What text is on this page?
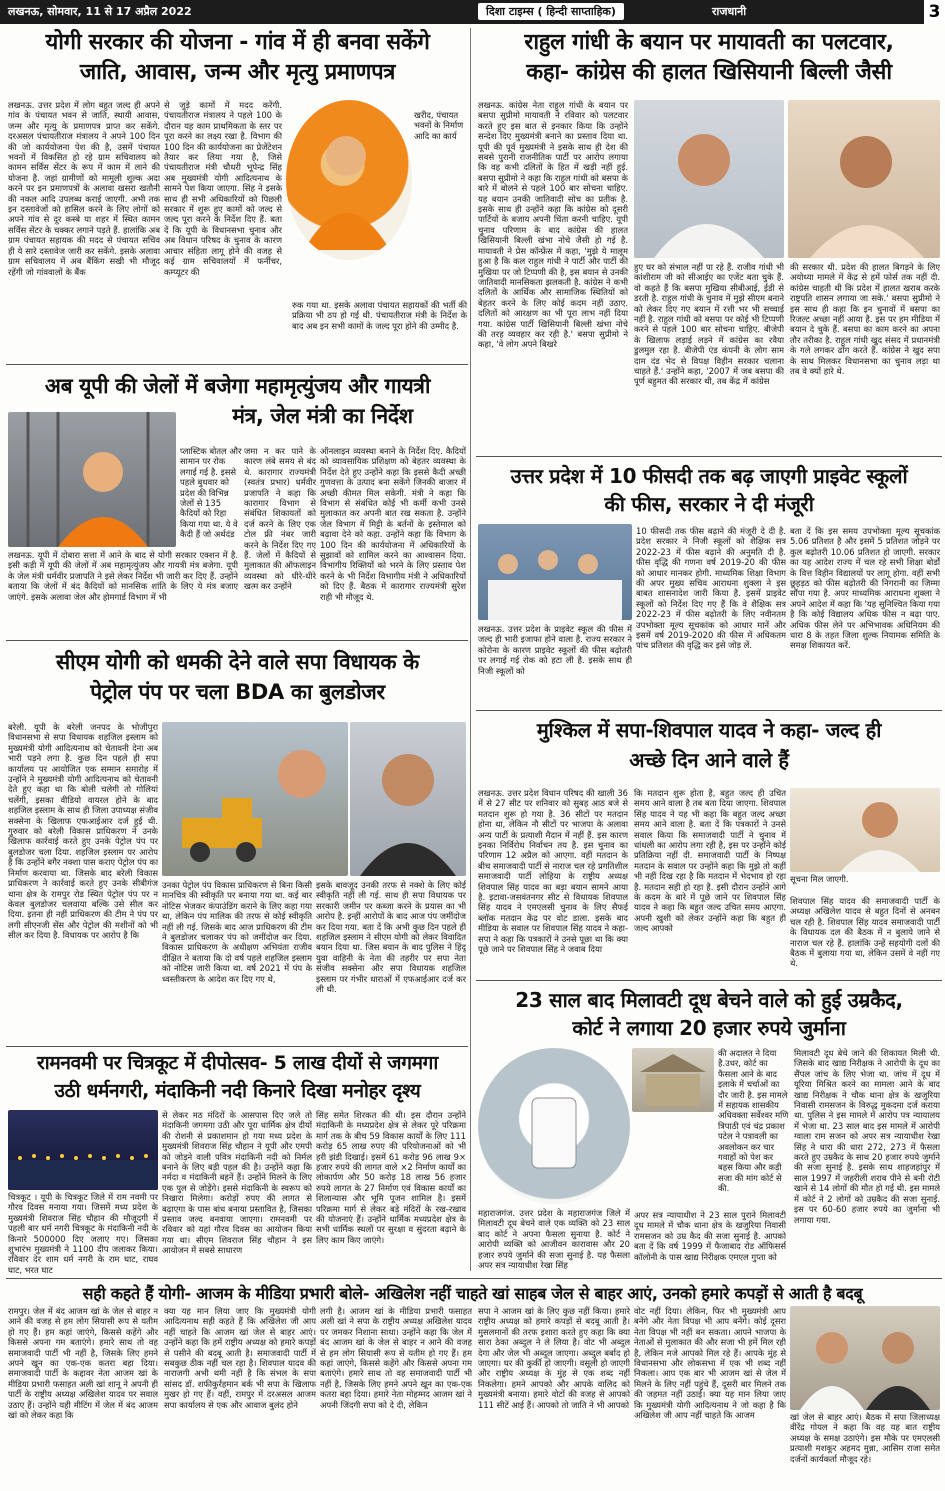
लखनऊ, सोमवार, 11 से 17 अप्रैल 2022	दिशा टाइम्स ( हिन्दी साप्ताहिक)	राजधानी	3
योगी सरकार की योजना - गांव में ही बनवा सकेंगे
जाति, आवास, जन्म और मृत्यु प्रमाणपत्र
लखनऊ. उत्तर प्रदेश में लोग बहुत जल्द ही अपने गांव के पंचायत भवन से जाति, स्थायी आवास, जन्म और मृत्यु के प्रमाणपत्र प्राप्त कर सकेंगे. दरअसल पंचायतीराज मंत्रालय ने अपने 100 दिन की जो कार्ययोजना पेश की है, उसमें पंचायत भवनों में विकसित हो रहे ग्राम सचिवालय को कामन सर्विस सेंटर के रूप में काम में लाने की योजना है. जहां ग्रामीणों को मामूली शुल्क अदा करने पर इन प्रमाणपत्रों के अलावा खसरा खतौनी की नकल आदि उपलब्ध कराई जाएगी. अभी तक इन दस्तावेजों को हासिल करने के लिए लोगों को अपने गांव से दूर कस्बे या शहर में स्थित कामन सर्विस सेंटर के चक्कर लगाने पड़ते हैं. हालांकि अब ग्राम पंचायत सहायक की मदद से पंचायत सचिव ही ये सारे दस्तावेज जारी कर सकेंगे. इसके अलावा ग्राम सचिवालय में अब बैंकिंग सखी भी मौजूद रहेंगी जो गांववालों के बैंक
से जुड़े कामों में मदद करेंगी. पंचायतीराज मंत्रालय ने पहले 100 के दौरान यह काम प्राथमिकता के स्तर पर पूरा करने का लक्ष्य रखा है. विभाग की 100 दिन की कार्ययोजना का प्रेजेंटेशन तैयार कर लिया गया है, जिसे पंचायतीराज मंत्री चौधरी भूपेन्द्र सिंह अब मुख्यमंत्री योगी आदित्यनाथ के सामने पेश किया जाएगा. सिंह ने इसके साथ ही सभी अधिकारियों को पिछली सरकार में शुरू हुए कामों को जल्द से जल्द पूरा करने के निर्देश दिए हैं. बता दें कि यूपी के विधानसभा चुनाव और अब विधान परिषद के चुनाव के कारण आचार संहिता लागू होने की वजह से कई ग्राम सचिवालयों में फर्नीचर, कम्प्यूटर की
खरीद, पंचायत भवनों के निर्माण आदि का कार्य
रुक गया था. इसके अलावा पंचायत सहायकों की भर्ती की प्रक्रिया भी ठप हो गई थी. पंचायतीराज मंत्री के निर्देश के बाद अब इन सभी कामों के जल्द पूरा होने की उम्मीद है.
राहुल गांधी के बयान पर मायावती का पलटवार,
कहा- कांग्रेस की हालत खिसियानी बिल्ली जैसी
लखनऊ. कांग्रेस नेता राहुल गांधी के बयान पर बसपा सुप्रीमो मायावती ने रविवार को पलटवार करते हुए इस बात से इनकार किया कि उन्होंने सन्देश दिए मुख्यमंत्री बनाने का प्रस्ताव दिया था. यूपी की पूर्व मुख्यमंत्री ने इसके साथ ही देश की सबसे पुरानी राजनीतिक पार्टी पर आरोप लगाया कि वह कभी दलितों के हित में खड़ी नहीं हुई. बसपा सुप्रीमो ने कहा कि राहुल गांधी को बसपा के बारे में बोलने से पहले 100 बार सोचना चाहिए. यह बयान उनकी जातिवादी सोच का प्रतीक है. इसके साथ ही उन्होंने कहा कि कांग्रेस को दूसरी पार्टियों के बजाय अपनी चिंता करनी चाहिए. यूपी चुनाव परिणाम के बाद कांग्रेस की हालत खिसियानी बिल्ली खंभा नोचे जैसी हो गई है. मायावती ने प्रेस कॉन्फ्रेंस में कहा, 'मुझे ये मालूम हुआ है कि कल राहुल गांधी ने पार्टी और पार्टी की मुखिया पर जो टिप्पणी की है, इस बयान से उनकी जातिवादी मानसिकता झलकती है. कांग्रेस ने कभी दलितों के आर्थिक और सामाजिक स्थितियों को बेहतर करने के लिए कोई कदम नहीं उठाए. दलितों को आरक्षण का भी पूरा लाभ नहीं दिया गया. कांग्रेस पार्टी खिसियानी बिल्ली खंभा नोचे की तरह व्यवहार कर रही है.' बसपा सुप्रीमो ने कहा, 'वे लोग अपने बिखरे
हुए घर को संभाल नहीं पा रहे हैं. राजीव गांधी भी कांशीराम जी को सीआईए का एजेंट बता चुके हैं. वो कहते हैं कि बसपा मुखिया सीबीआई, ईडी से डरती है. राहुल गांधी के चुनाव में मुझे सीएम बनाने को लेकर दिए गए बयान में रत्ती भर भी सच्चाई नहीं है. राहुल गांधी को बसपा पर कोई भी टिप्पणी करने से पहले 100 बार सोचना चाहिए. बीजेपी के खिलाफ लड़ाई लड़ने में कांग्रेस का रवैया डुलमुल रहा है. बीजेपी एंड कंपनी के लोग साम दाम दंड भेद से विपक्ष विहीन सरकार चलाना चाहते हैं.' उन्होंने कहा, '2007 में जब बसपा की पूर्ण बहुमत की सरकार थी, तब केंद्र में कांग्रेस
की सरकार थी. प्रदेश की हालत बिगड़ने के लिए अयोध्या मामले में केंद्र से हमें फोर्स तक नहीं दी. कांग्रेस चाहती थी कि प्रदेश में हालत खराब करके राष्ट्रपति शासन लगाया जा सके.' बसपा सुप्रीमो ने इस साथ ही कहा कि इन चुनावों में बसपा का रिजल्ट अच्छा नहीं आया है. इस पर हम मीडिया में बयान दे चुके हैं. बसपा का काम करने का अपना तौर तरीका है. राहुल गांधी खुद संसद में प्रधानमंत्री के गले लगकर ढोंग करते हैं. कांग्रेस ने खुद सपा के साथ मिलकर विधानसभा का चुनाव लड़ा था तब वे क्यों हारे थे.
अब यूपी की जेलों में बजेगा महामृत्युंजय और गायत्री
मंत्र, जेल मंत्री का निर्देश
प्लास्टिक बोतल और सामान पर रोक लगाई गई है. इससे पहले बुधवार को प्रदेश की विभिन्न जेलों से 135 कैदियों को रिहा किया गया था. ये वे कैदी हैं जो अर्थदंड
लखनऊ. यूपी में दोबारा सत्ता में आने के बाद से योगी सरकार एक्शन में है. इसी कड़ी में यूपी की जेलों में अब महामृत्युंजय और गायत्री मंत्र बजेगा. यूपी के जेल मंत्री धर्मवीर प्रजापति ने इसे लेकर निर्देश भी जारी कर दिए हैं. उन्होंने बताया कि जेलों में बंद कैदियों को मानसिक शांति के लिए ये मंत्र बजाए जाएंगे. इसके अलावा जेल और होमगार्ड विभाग में भी
जमा न कर पाने के कारण लंबे समय से बंद थे. कारागार राज्यमंत्री (स्वतंत्र प्रभार) धर्मवीर प्रजापति ने कहा कि कारागार विभाग से संबंधित शिकायतों को दर्ज करने के लिए एक टोल फ्री नंबर जारी करने के निर्देश दिए गए हैं. जेलों में कैदियों से मुलाकात की ऑफलाइन व्यवस्था को धीरे-धीरे खत्म कर उन्होंने
ऑनलाइन व्यवस्था बनाने के निर्देश दिए. कैदियों को व्यावसायिक प्रशिक्षण को बेहतर व्यवस्था के निर्देश देते हुए उन्होंने कहा कि इससे कैदी अच्छी गुणवत्ता के उत्पाद बना सकेंगे जिनकी बाजार में अच्छी कीमत मिल सकेगी. मंत्री ने कहा कि विभाग से संबंधित कोई भी कर्मी कभी उनसे मुलाकात कर अपनी बात रख सकता है. उन्होंने जेल विभाग में मिट्टी के बर्तनों के इस्तेमाल को बढ़ावा देने को कहा. उन्होंने कहा कि विभाग के 100 दिन की कार्ययोजना में अधिकारियों के सुझावों को शामिल करने का आश्वासन दिया. विभागीय रिक्तियों को भरने के लिए प्रस्ताव पेश करने के भी निर्देश विभागीय मंत्री ने अधिकारियों को दिए हैं. बैठक में कारागार राज्यमंत्री सुरेश राही भी मौजूद थे.
उत्तर प्रदेश में 10 फीसदी तक बढ़ जाएगी प्राइवेट स्कूलों
की फीस, सरकार ने दी मंजूरी
लखनऊ. उत्तर प्रदेश के प्राइवेट स्कूल की फीस में जल्द ही भारी इजाफा होने वाला है. राज्य सरकार ने कोरोना के कारण प्राइवेट स्कूलों की फीस बढ़ोतरी पर लगाई गई रोक को हटा ली है. इसके साथ ही निजी स्कूलों को
10 फीसदी तक फीस बढ़ाने की मंजूरी दे दी है. प्रदेश सरकार ने निजी स्कूलों को शैक्षिक सत्र 2022-23 में फीस बढ़ाने की अनुमति दी है. फीस वृद्धि की गणना वर्ष 2019-20 की फीस को आधार मानकर होगी. माध्यमिक शिक्षा विभाग की अपर मुख्य सचिव आराधना शुक्ला ने इस बाबत शासनादेश जारी किया है. इसमें प्राइवेट स्कूलों को निर्देश दिए गए हैं कि वे शैक्षिक सत्र 2022-23 में फीस बढ़ोतरी के लिए नवीनतम उपभोक्ता मूल्य सूचकांक को आधार मानें और इसमें वर्ष 2019-2020 की फीस में अधिकतम पांच प्रतिशत की वृद्धि कर इसे जोड़ लें.
बता दें कि इस समय उपभोक्ता मूल्य सूचकांक 5.06 प्रतिशत है और इसमें 5 प्रतिशत जोड़ने पर कुल बढ़ोतरी 10.06 प्रतिशत हो जाएगी. सरकार का यह आदेश राज्य में चल रहे सभी शिक्षा बोर्डों के वित्त विहीन विद्यालयों पर लागू होगा. वहीं सभी छूहड़ठ को फीस बढ़ोतरी की निगरानी का जिम्मा सौंपा गया है. अपर माध्यमिक आराधना शुक्ला ने अपने आदेश में कहा कि 'यह सुनिश्चित किया गया है कि कोई विद्यालय अधिक फीस न बढ़ा पाए. अधिक फीस लेने पर अभिभावक अधिनियम की धारा 8 के तहत जिला शुल्क नियामक समिति के समक्ष शिकायत करें.
सीएम योगी को धमकी देने वाले सपा विधायक के
पेट्रोल पंप पर चला BDA का बुलडोजर
बरेली. यूपी के बरेली जनपद के भोजीपुरा विधानसभा से सपा विधायक शहजिल इस्लाम को मुख्यमंत्री योगी आदित्यनाथ को चेतावनी देना अब भारी पड़ने लगा है. कुछ दिन पहले ही सपा कार्यालय पर आयोजित एक सम्मान समारोह में उन्होंने ने मुख्यमंत्री योगी आदित्यनाथ को चेतावनी देते हुए कहा था कि बोली चलेगी तो गोलियां चलेंगी, इसका वीडियो वायरल होने के बाद शहजिल इस्लाम के साथ ही जिला उपाध्यक्ष संजीव सक्सेना के खिलाफ एफआईआर दर्ज हुई थी. गुरुवार को बरेली विकास प्राधिकरण ने उनके खिलाफ कार्रवाई करते हुए उनके पेट्रोल पंप पर बुलडोजर चला दिया. शहजिल इस्लाम पर आरोप है कि उन्होंने बगैर नक्शा पास कराए पेट्रोल पंप का निर्माण करवाया था. जिसके बाद बरेली विकास प्राधिकरण ने कार्रवाई करते हुए उनके सीबीगंज थाना क्षेत्र के रामपुर रोड स्थित पेट्रोल पंप पर न केवल बुलडोजर चलवाया बल्कि उसे सील कर दिया. इतना ही नहीं प्राधिकरण की टीम ने पंप पर लगी सीएनजी सेंस और पेट्रोल की मशीनों को भी सील कर दिया है. विधायक पर आरोप है कि
उनका पेट्रोल पंप विकास प्राधिकरण से बिना किसी मानचित्र की स्वीकृति पर बनाया गया था. कई बार नोटिस भेजकर कंपाउंडिंग कराने के लिए कहा गया था, लेकिन पंप मालिक की तरफ से कोई स्वीकृति नहीं ली गई. जिसके बाद आज प्राधिकरण की टीम ने बुलडोजर चलाकर पंप को जमींदोज कर दिया. विकास प्राधिकरण के अधीक्षण अभियंता राजीव दीक्षित ने बताया कि दो वर्ष पहले शहजिल इस्लाम को नोटिस जारी किया था. वर्ष 2021 में पंप के ध्वस्तीकरण के आदेश कर दिए गए थे,
इसके बावजूद उनकी तरफ से नक्शे के लिए कोई स्वीकृति नहीं ली गई. साथ ही सपा विधायक पर सरकारी जमीन पर कब्जा करने के प्रयास का भी आरोप है. इन्हीं आरोपों के बाद आज पंप जमींदोज कर दिया गया. बता दें कि अभी कुछ दिन पहले ही शहजिल इस्लाम ने सीएम योगी को लेकर विवादित बयान दिया था. जिस बयान के बाद पुलिस ने हिंदू युवा वाहिनी के नेता की तहरीर पर सपा नेता संजीव सक्सेना और सपा विधायक शहजिल इस्लाम पर गंभीर धाराओं में एफआईआर दर्ज कर ली थी.
मुश्किल में सपा-शिवपाल यादव ने कहा- जल्द ही
अच्छे दिन आने वाले हैं
लखनऊ. उत्तर प्रदेश विधान परिषद की खाली 36 में से 27 सीट पर शनिवार को सुबह आठ बजे से मतदान शुरू हो गया है. 36 सीटों पर मतदान होना था, लेकिन नौ सीटों पर भाजपा के अलावा अन्य पार्टी के प्रत्याशी मैदान में नहीं हैं. इस कारण इनका निर्विरोध निर्वाचन तय है. इस चुनाव का परिणाम 12 अप्रैल को आएगा. वहीं मतदान के बीच समाजवादी पार्टी से नाराज चल रहे प्रगतिशील समाजवादी पार्टी लोहिया के राष्ट्रीय अध्यक्ष शिवपाल सिंह यादव का बड़ा बयान सामने आया है. इटावा-जसवंतनगर सीट से विधायक शिवपाल सिंह यादव ने एमएलसी चुनाव के लिए सैफई ब्लॉक मतदान केंद्र पर वोट डाला. इसके बाद मीडिया के सवाल पर शिवपाल सिंह यादव ने कहा- सपा ने कहा कि पत्रकारों ने उनसे पूछा था कि क्या पूछे जाने पर शिवपाल सिंह ने जवाब दिया
कि मतदान शुरू होता है, बहुत जल्द ही उचित समय आने वाला है तब बता दिया जाएगा. शिवपाल सिंह यादव ने यह भी कहा कि बहुत जल्द अच्छा समय आने वाला है. बता दें कि पत्रकारों ने उनसे सवाल किया कि समाजवादी पार्टी ने चुनाव में धांधली का आरोप लगा रही है, इस पर उन्होंने कोई प्रतिक्रिया नहीं दी. समाजवादी पार्टी के निष्पक्ष मतदान के सवाल पर उन्होंने कहा कि मुझे तो कहीं भी नहीं दिख रहा है कि मतदान में भेदभाव हो रहा है. मतदान सही हो रहा है. इसी दौरान उन्होंने आगे के कदम के बारे में पूछे जाने पर शिवपाल सिंह यादव ने कहा कि बहुत जल्द उचित समय आएगा. अपनी खुशी को लेकर उन्होंने कहा कि बहुत ही जल्द आपको
सूचना मिल जाएगी.
शिवपाल सिंह यादव की समाजवादी पार्टी के अध्यक्ष अखिलेश यादव से बहुत दिनों से अनबन चल रही है. शिवपाल सिंह यादव समाजवादी पार्टी के विधायक दल की बैठक में न बुलाये जाने से नाराज चल रहे हैं. हालांकि उन्हें सहयोगी दलों की बैठक में बुलाया गया था, लेकिन उसमें वे नहीं गए थे.
23 साल बाद मिलावटी दूध बेचने वाले को हुई उम्रकैद,
कोर्ट ने लगाया 20 हजार रुपये जुर्माना
की अदालत ने दिया है.उधर, कोर्ट का फैसला आने के बाद इलाके में चर्चाओं का दौर जारी है. इस मामले में सहायक शासकीय अधिवक्ता सर्वेश्वर मणि त्रिपाठी एवं चंद्र प्रकाश पटेल ने पत्रावली का अवलोकन कर चार गवाहों को पेश कर बहस किया और कड़ी सजा की मांग कोर्ट से की.
महाराजगंज. उत्तर प्रदेश के महाराजगंज जिले में मिलावटी दूध बेचने वाले एक व्यक्ति को 23 साल बाद कोर्ट ने अपना फैसला सुनाया है. कोर्ट ने आरोपी व्यक्ति को आजीवन कारावास और 20 हजार रुपये जुर्माने की सजा सुनाई है. यह फैसला अपर सत्र न्यायाधीश रेखा सिंह
अपर सत्र न्यायाधीश ने 23 साल पुराने मिलावटी दूध मामले में चौक थाना क्षेत्र के खजुरिया निवासी रामसजन को उम्र कैद की सजा सुनाई है. आपको बता दें कि वर्ष 1999 में फैजाबाद रोड ऑफिसर्स कॉलोनी के पास खाद्य निरीक्षक एमएल गुप्ता को
मिलावटी दूध बेचे जाने की शिकायत मिली थी. जिसके बाद खाद्य निरीक्षक ने आरोपी के दूध का सैंपल जांच के लिए भेजा था. जांच में दूध में यूरिया मिश्रित करने का मामला आने के बाद खाद्य निरीक्षक ने चौक थाना क्षेत्र के खजुरिया निवासी रामसजन के विरुद्ध मुकदमा दर्ज कराया था. पुलिस ने इस मामले में आरोप पत्र न्यायालय में भेजा था. 23 साल बाद इस मामले में आरोपी ग्वाला राम सजन को अपर सत्र न्यायाधीश रेखा सिंह ने धारा की धारा 272, 273 में फैसला करते हुए उम्रकैद के साथ 20 हजार रुपये जुर्माने की सजा सुनाई है. इसके साथ शाहजहांपुर में साल 1997 में जहरीली शराब पीने से बनी रोटी खाने से 14 लोगों की मौत हो गई थी. इस मामले में कोर्ट ने 2 लोगों को उम्रकैद की सजा सुनाई. इस पर 60-60 हजार रुपये का जुर्माना भी लगाया गया.
रामनवमी पर चित्रकूट में दीपोत्सव- 5 लाख दीयों से जगमगा
उठी धर्मनगरी, मंदाकिनी नदी किनारे दिखा मनोहर दृश्य
चित्रकूट । यूपी के चित्रकूट जिले में राम नवमी पर गौरव दिवस मनाया गया। जिसमें मध्य प्रदेश के मुख्यमंत्री शिवराज सिंह चौहान की मौजूदगी में पहली बार धर्म नगरी चित्रकूट के मंदाकिनी नदी के किनारे 500000 दिए जलाए गए। जिसका शुभारंभ मुख्यमंत्री ने 1100 दीप जलाकर किया। रविवार देर शाम धर्म नगरी के राम घाट, राघव घाट, भरत घाट
से लेकर मठ मंदिरों के आसपास दिए जले तो मंदाकिनी जगमगा उठी और पूरा धार्मिक क्षेत्र दीयों की रोशनी से प्रकाशमान हो गया मध्य प्रदेश के मुख्यमंत्री शिवराज सिंह चौहान ने यूपी और एमपी को जोड़ने वाली पवित्र मंदाकिनी नदी को निर्मल बनाने के लिए बड़ी पहल की है। उन्होंने कहा कि नर्मदा व मंदाकिनी बहनें हैं। उन्होंने मिलने के लिए एक पुल से जोड़ेंगे। इससे मंदाकिनी के स्वरूप को निखारा मिलेगा। करोड़ों रुपए की लागत से बढ़ाएगा के पास बांध बनाया प्रस्तावित है, जिसका प्रस्ताव जल्द बनवाया जाएगा। रामनवमी पर रविवार को यहां गौरव दिवस का आयोजन किया गया था। सीएम शिवराज सिंह चौहान ने इस आयोजन में सबसे साधारण
सिंह समेत शिरकत की थी। इस दौरान उन्होंने मंदाकिनी के मध्यप्रदेश क्षेत्र से लेकर पूरे परिक्रमा मार्ग तक के बीच 59 विकास कार्यों के लिए 111 करोड़ 65 लाख रुपए की परियोजनाओं को भी हरी झंडी दिखाई। इसमें 61 करोड़ 96 लाख 9× हजार रुपये की लागत वाले ×2 निर्माण कार्यों का लोकार्पण और 50 करोड़ 18 लाख 56 हजार रुपये लागत के 27 निर्माण एवं विकास कार्यों का शिलान्यास और भूमि पूजन शामिल है। इसमें परिक्रमा मार्ग से लेकर बड़े मंदिरों के रख-रखाव की योजनाएं हैं। उन्होंने धार्मिक मध्यप्रदेश क्षेत्र के सभी धार्मिक स्थलों पर सुरक्षा व सुंदरता बढ़ाने के लिए काम किए जाएंगे।
सही कहते हैं योगी- आजम के मीडिया प्रभारी बोले- अखिलेश नहीं चाहते खां साहब जेल से बाहर आएं, उनको हमारे कपड़ों से आती है बदबू
रामपुर। जेल में बंद आजम खां के जेल से बाहर न आने की वजह से हम लोग सियासी रूप से यतीम हो गए हैं। हम कहां जाएंगे, किससे कहेंगे और किससे अपना गम बताएंगे। हमारे साथ तो वह समाजवादी पार्टी भी नहीं है, जिसके लिए हमने अपने खून का एक-एक कतरा बहा दिया। समाजवादी पार्टी के कद्दावर नेता आजम खां के मीडिया प्रभारी फसाहत अली खां शानू ने अपनी ही पार्टी के राष्ट्रीय अध्यक्ष अखिलेश यादव पर सवाल उठाए हैं। उन्होंने यही मीटिंग में जेल में बंद आजम खां को लेकर कहा कि
क्या यह मान लिया जाए कि मुख्यमंत्री योगी आदित्यनाथ सही कहते हैं कि अखिलेश जी आप नहीं चाहते कि आजम खां जेल से बाहर आएं। उन्होंने कहा कि हमें राष्ट्रीय अध्यक्ष को हमारे कपड़ों से पसीने की बदबू आती है। समाजवादी पार्टी में सबकुछ ठीक नहीं चल रहा है। शिवपाल यादव की नाराजगी अभी थमी नहीं है कि संभल के सपा सांसद डॉ. शफीकुर्रहमान बर्क भी सपा के खिलाफ मुखर हो गए हैं। वहीं, रामपुर में दरअसल आजम सपा कार्यालय से एक और आवाज बुलंद होने
लगी है। आजम खां के मीडिया प्रभारी फसाहत अली खां ने सपा के राष्ट्रीय अध्यक्ष अखिलेश यादव पर जमकर निशाना साधा। उन्होंने कहा कि जेल में बंद आजम खां के जेल से बाहर न आने की वजह से हम लोग सियासी रूप से यतीम हो गए हैं। हम कहां जाएंगे, किससे कहेंगे और किससे अपना गम बताएंगे। हमारे साथ तो वह समाजवादी पार्टी भी नहीं है, जिसके लिए हमने अपने खून का एक-एक कतरा बहा दिया। हमारे नेता मोहम्मद आजम खां ने अपनी जिंदगी सपा को दे दी, लेकिन
सपा ने आजम खां के लिए कुछ नहीं किया। हमारे राष्ट्रीय अध्यक्ष को हमारे कपड़ों से बदबू आती है। मुसलमानों की तरफ इशारा करते हुए कहा कि क्या सारा ठेका अब्दुल ने ले लिया है। वोट भी अब्दुल देगा और जेल भी अब्दुल जाएगा। अब्दुल बर्बाद हो जाएगा। घर की कुर्की हो जाएगी। वसूली हो जाएगी और राष्ट्रीय अध्यक्ष के मुंह से एक शब्द नहीं निकलेगा। हमने आपको और आपके वालिद को मुख्यमंत्री बनाया। हमारे वोटों की वजह से आपको 111 सीटें आई हैं। आपको तो जाति ने भी आपको
वोट नहीं दिया। लेकिन, फिर भी मुख्यमंत्री आप बनेंगे और नेता विपक्ष भी आप बनेंगे। कोई दूसरा नेता विपक्ष भी नहीं बन सकता। आपने भाजपा के नेताओं से मुलाकात की और सजा भी हमें मिल रही है, लेकिन मजे आपको मिल रहे हैं। आपके मुंह से विधानसभा और लोकसभा में एक भी शब्द नहीं निकला। आप एक बार भी आजम खां से जेल में मिलने के लिए नहीं पहुंचे हैं, दूसरी बार मिलने तक की जहमत नहीं उठाई। क्या यह मान लिया जाए कि मुख्यमंत्री योगी आदित्यनाथ ने जो कहा है कि अखिलेश जी आप नहीं चाहते कि आजम	खां जेल से बाहर आएं। बैठक में सपा जिलाध्यक्ष वीरेंद्र गोयल ने कहा कि वह यह बात राष्ट्रीय अध्यक्ष के समक्ष उठाएंगे। इस मौके पर एमएलसी प्रत्याशी मशकूर अहमद मुन्ना, आसिम राजा समेत दर्जनों कार्यकर्ता मौजूद रहे।
